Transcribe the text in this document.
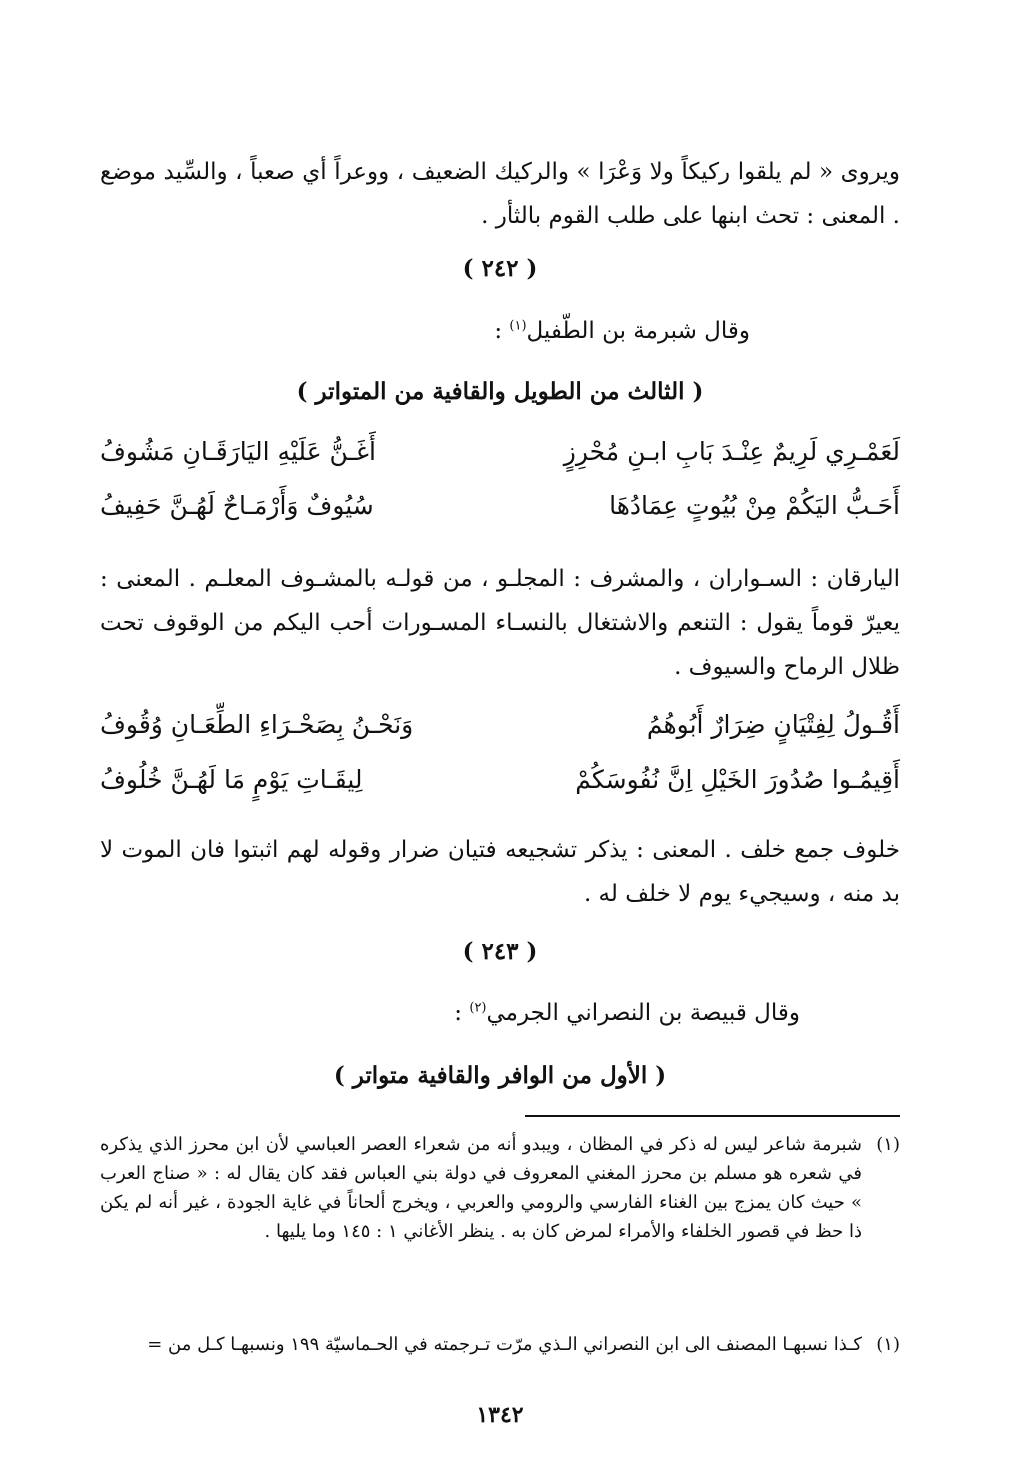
ويروى « لم يلقوا ركيكاً ولا وَعْرَا » والركيك الضعيف ، ووعراً أي صعباً ، والسِّيد موضع . المعنى : تحث ابنها على طلب القوم بالثأر .

( ٢٤٢ )
وقال شبرمة بن الطّفيل$^{(١)}$ :
( الثالث من الطويل والقافية من المتواتر )
لَعَمْـرِي لَرِيمٌ عِنْـدَ بَابِ ابـنِ مُحْرِزٍ
أَغَـنُّ عَلَيْهِ اليَارَقَـانِ مَشُوفُ
أَحَـبُّ اليَكُمْ مِنْ بُيُوتٍ عِمَادُهَا
سُيُوفٌ وَأَرْمَـاحٌ لَهُـنَّ حَفِيفُ

اليارقان : السـواران ، والمشرف : المجلـو ، من قولـه بالمشـوف المعلـم . المعنى : يعيرّ قوماً يقول : التنعم والاشتغال بالنسـاء المسـورات أحب اليكم من الوقوف تحت ظلال الرماح والسيوف .

أَقُـولُ لِفِتْيَانٍ ضِرَارٌ أَبُوهُمُ
وَنَحْـنُ بِصَحْـرَاءِ الطِّعَـانِ وُقُوفُ
أَقِيمُـوا صُدُورَ الخَيْلِ اِنَّ نُفُوسَكُمْ
لِيقَـاتِ يَوْمٍ مَا لَهُـنَّ خُلُوفُ

خلوف جمع خلف . المعنى : يذكر تشجيعه فتيان ضرار وقوله لهم اثبتوا فان الموت لا بد منه ، وسيجيء يوم لا خلف له .

( ٢٤٣ )
وقال قبيصة بن النصراني الجرمي$^{(٢)}$ :
( الأول من الوافر والقافية متواتر )
(١)
شبرمة شاعر ليس له ذكر في المظان ، ويبدو أنه من شعراء العصر العباسي لأن ابن محرز الذي يذكره في شعره هو مسلم بن محرز المغني المعروف في دولة بني العباس فقد كان يقال له : « صناج العرب » حيث كان يمزج بين الغناء الفارسي والرومي والعربي ، ويخرج ألحاناً في غاية الجودة ، غير أنه لم يكن ذا حظ في قصور الخلفاء والأمراء لمرض كان به . ينظر الأغاني ١ : ١٤٥ وما يليها .
(١)
كـذا نسبهـا المصنف الى ابن النصراني الـذي مرّت تـرجمته في الحـماسيّة ١٩٩ ونسبهـا كـل من =
١٣٤٢
